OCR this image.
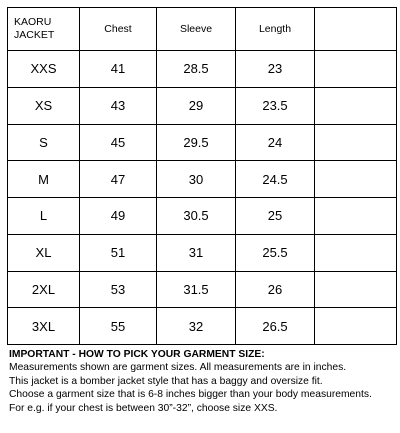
KAORU
JACKET	Chest	Sleeve	Length	
XXS	41	28.5	23	
XS	43	29	23.5	
S	45	29.5	24	
M	47	30	24.5	
L	49	30.5	25	
XL	51	31	25.5	
2XL	53	31.5	26	
3XL	55	32	26.5	
IMPORTANT - HOW TO PICK YOUR GARMENT SIZE:
Measurements shown are garment sizes. All measurements are in inches.
This jacket is a bomber jacket style that has a baggy and oversize fit.
Choose a garment size that is 6-8 inches bigger than your body measurements.
For e.g. if your chest is between 30”-32”, choose size XXS.
